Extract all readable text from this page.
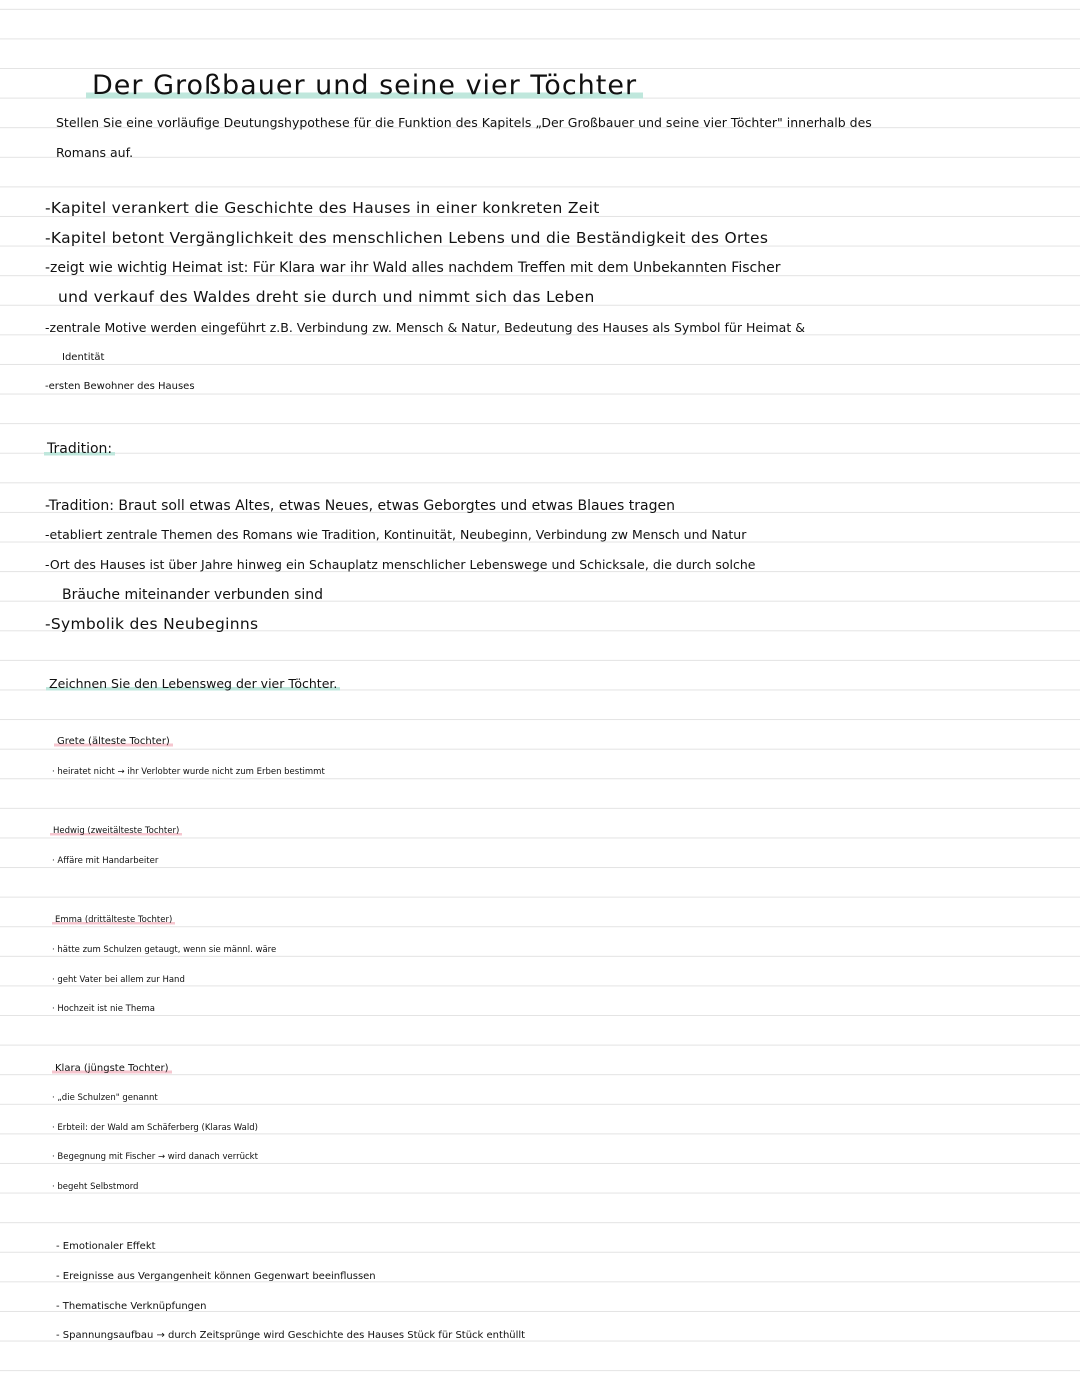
Der Großbauer und seine vier Töchter
Stellen Sie eine vorläufige Deutungshypothese für die Funktion des Kapitels „Der Großbauer und seine vier Töchter" innerhalb des
Romans auf.
-Kapitel verankert die Geschichte des Hauses in einer konkreten Zeit
-Kapitel betont Vergänglichkeit des menschlichen Lebens und die Beständigkeit des Ortes
-zeigt wie wichtig Heimat ist: Für Klara war ihr Wald alles nachdem Treffen mit dem Unbekannten Fischer
und verkauf des Waldes dreht sie durch und nimmt sich das Leben
-zentrale Motive werden eingeführt z.B. Verbindung zw. Mensch & Natur, Bedeutung des Hauses als Symbol für Heimat &
Identität
-ersten Bewohner des Hauses
Tradition:
-Tradition: Braut soll etwas Altes, etwas Neues, etwas Geborgtes und etwas Blaues tragen
-etabliert zentrale Themen des Romans wie Tradition, Kontinuität, Neubeginn, Verbindung zw Mensch und Natur
-Ort des Hauses ist über Jahre hinweg ein Schauplatz menschlicher Lebenswege und Schicksale, die durch solche
Bräuche miteinander verbunden sind
-Symbolik des Neubeginns
Zeichnen Sie den Lebensweg der vier Töchter.
Grete (älteste Tochter)
· heiratet nicht → ihr Verlobter wurde nicht zum Erben bestimmt
Hedwig (zweitälteste Tochter)
· Affäre mit Handarbeiter
Emma (drittälteste Tochter)
· hätte zum Schulzen getaugt, wenn sie männl. wäre
· geht Vater bei allem zur Hand
· Hochzeit ist nie Thema
Klara (jüngste Tochter)
· „die Schulzen" genannt
· Erbteil: der Wald am Schäferberg (Klaras Wald)
· Begegnung mit Fischer → wird danach verrückt
· begeht Selbstmord
- Emotionaler Effekt
- Ereignisse aus Vergangenheit können Gegenwart beeinflussen
- Thematische Verknüpfungen
- Spannungsaufbau → durch Zeitsprünge wird Geschichte des Hauses Stück für Stück enthüllt
